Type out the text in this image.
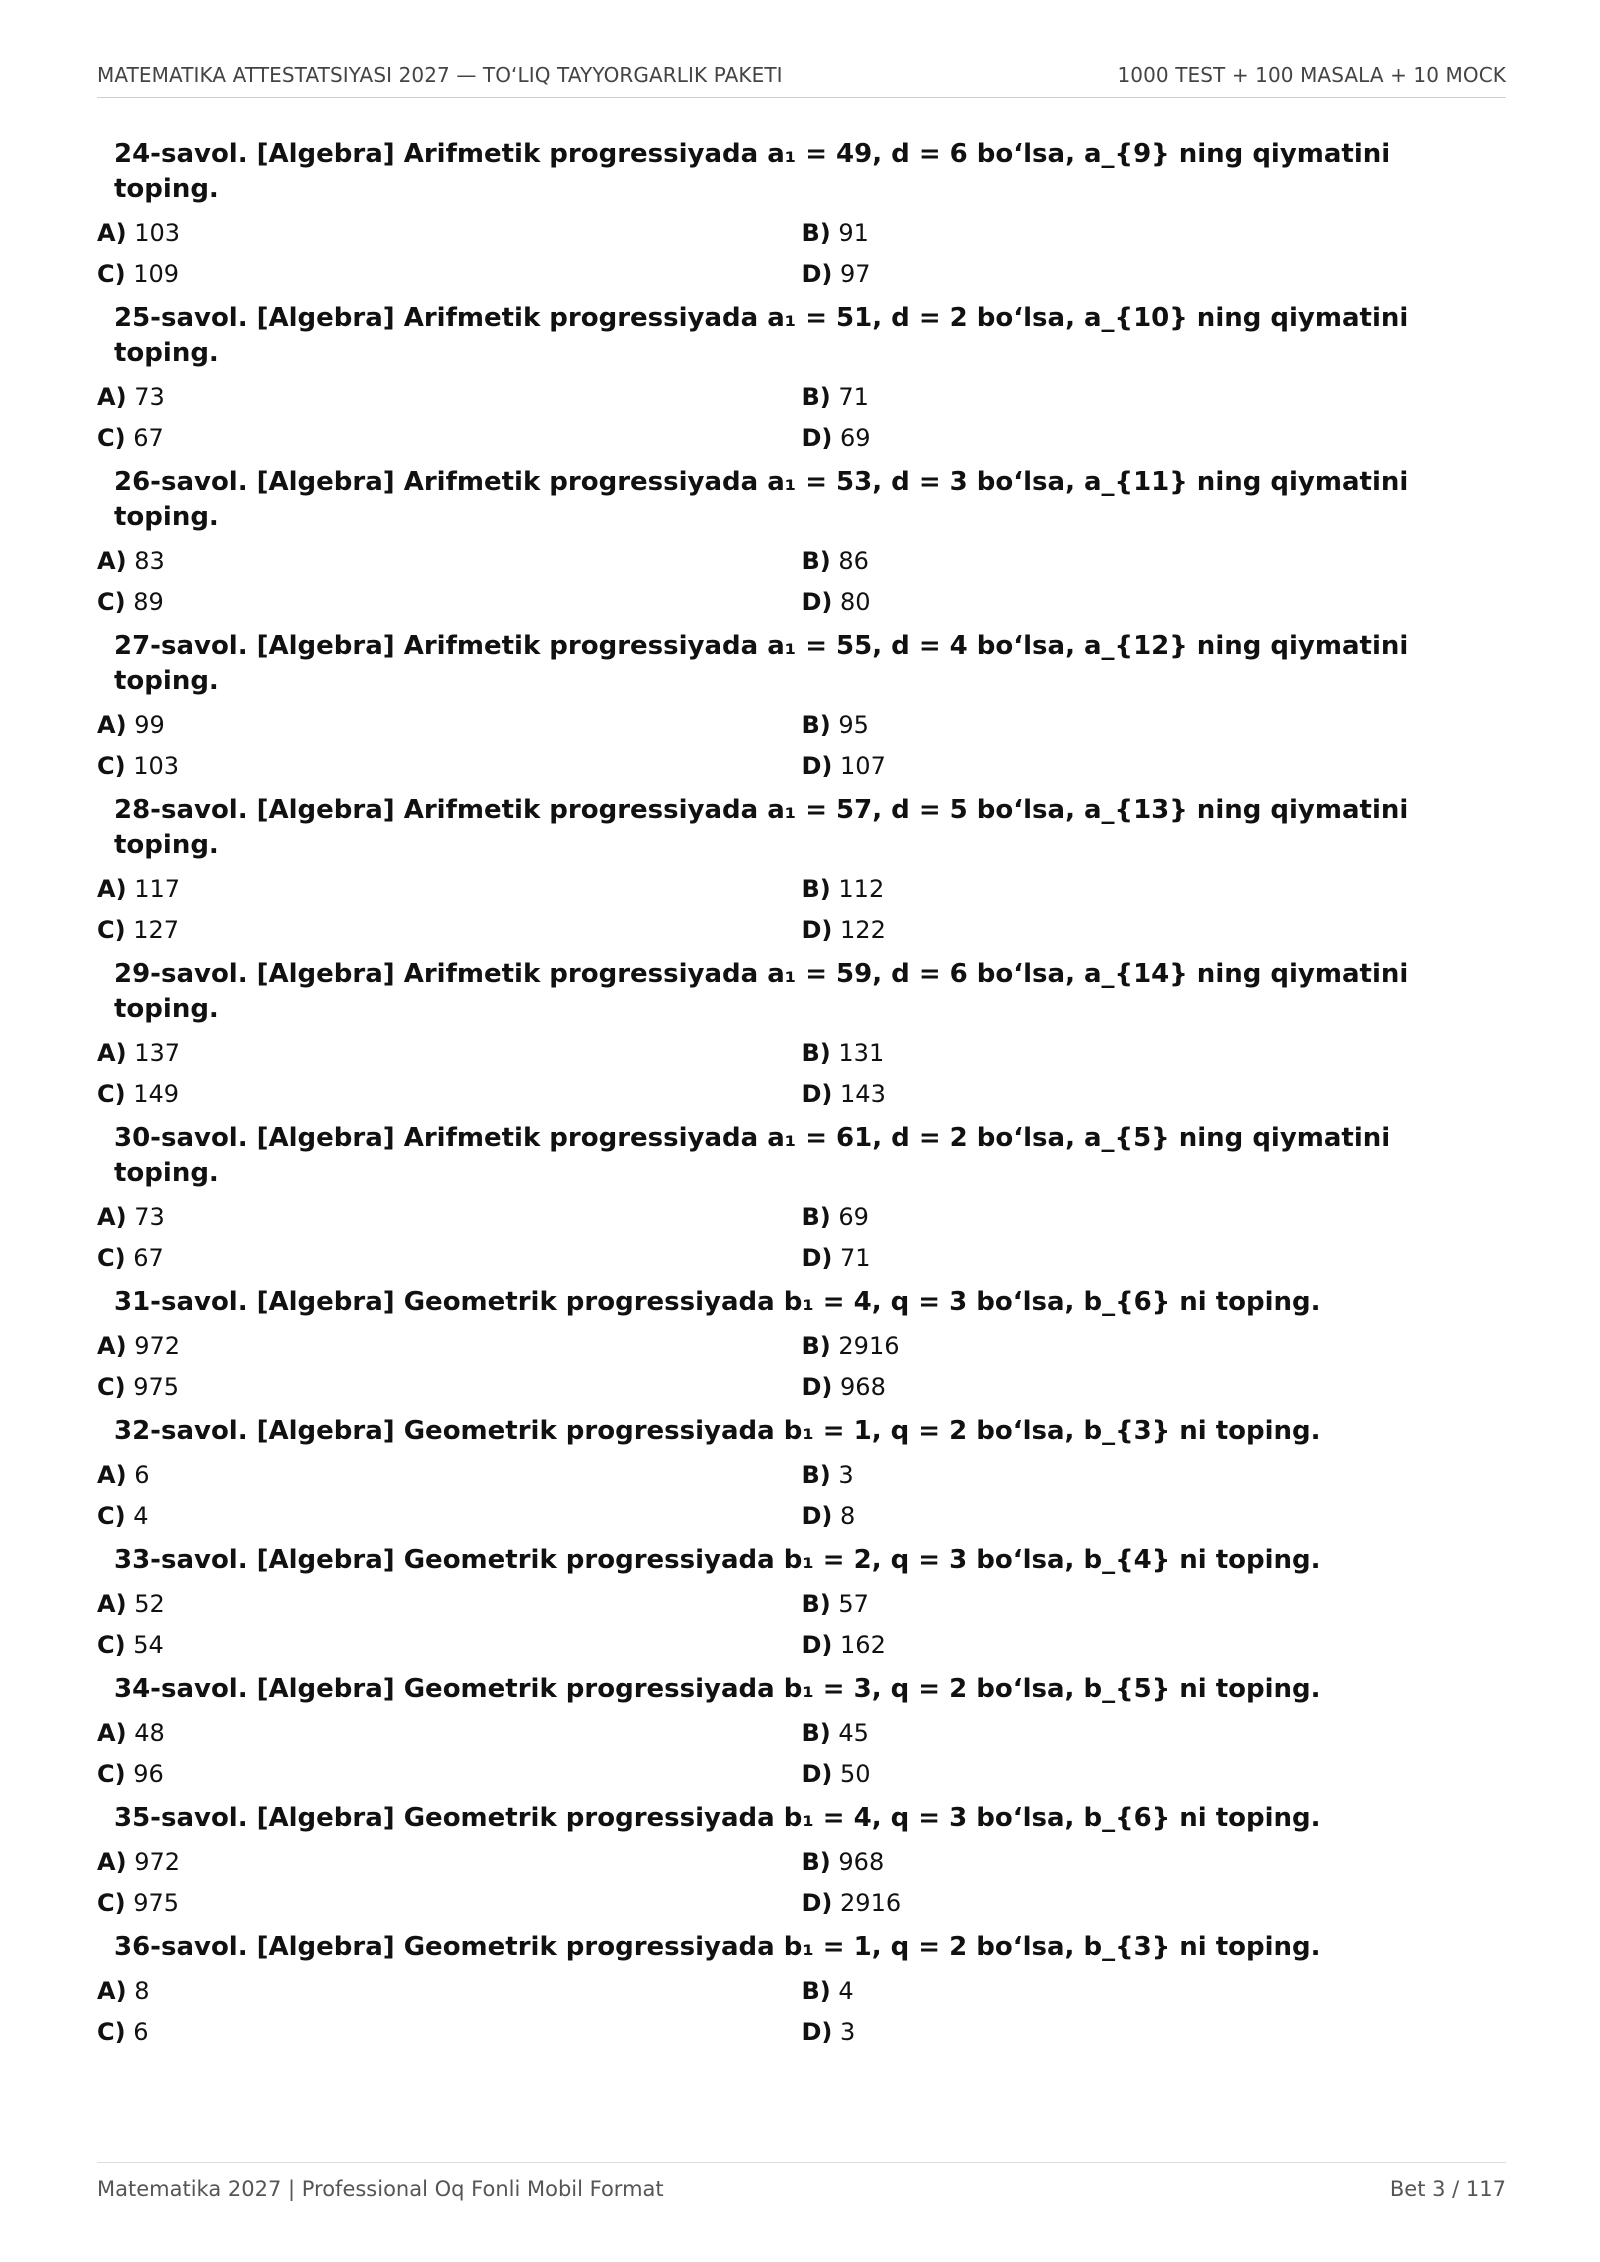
MATEMATIKA ATTESTATSIYASI 2027 — TO‘LIQ TAYYORGARLIK PAKETI	1000 TEST + 100 MASALA + 10 MOCK
24-savol. [Algebra] Arifmetik progressiyada a₁ = 49, d = 6 bo‘lsa, a_{9} ning qiymatini toping.
A) 103	B) 91
C) 109	D) 97
25-savol. [Algebra] Arifmetik progressiyada a₁ = 51, d = 2 bo‘lsa, a_{10} ning qiymatini toping.
A) 73	B) 71
C) 67	D) 69
26-savol. [Algebra] Arifmetik progressiyada a₁ = 53, d = 3 bo‘lsa, a_{11} ning qiymatini toping.
A) 83	B) 86
C) 89	D) 80
27-savol. [Algebra] Arifmetik progressiyada a₁ = 55, d = 4 bo‘lsa, a_{12} ning qiymatini toping.
A) 99	B) 95
C) 103	D) 107
28-savol. [Algebra] Arifmetik progressiyada a₁ = 57, d = 5 bo‘lsa, a_{13} ning qiymatini toping.
A) 117	B) 112
C) 127	D) 122
29-savol. [Algebra] Arifmetik progressiyada a₁ = 59, d = 6 bo‘lsa, a_{14} ning qiymatini toping.
A) 137	B) 131
C) 149	D) 143
30-savol. [Algebra] Arifmetik progressiyada a₁ = 61, d = 2 bo‘lsa, a_{5} ning qiymatini toping.
A) 73	B) 69
C) 67	D) 71
31-savol. [Algebra] Geometrik progressiyada b₁ = 4, q = 3 bo‘lsa, b_{6} ni toping.
A) 972	B) 2916
C) 975	D) 968
32-savol. [Algebra] Geometrik progressiyada b₁ = 1, q = 2 bo‘lsa, b_{3} ni toping.
A) 6	B) 3
C) 4	D) 8
33-savol. [Algebra] Geometrik progressiyada b₁ = 2, q = 3 bo‘lsa, b_{4} ni toping.
A) 52	B) 57
C) 54	D) 162
34-savol. [Algebra] Geometrik progressiyada b₁ = 3, q = 2 bo‘lsa, b_{5} ni toping.
A) 48	B) 45
C) 96	D) 50
35-savol. [Algebra] Geometrik progressiyada b₁ = 4, q = 3 bo‘lsa, b_{6} ni toping.
A) 972	B) 968
C) 975	D) 2916
36-savol. [Algebra] Geometrik progressiyada b₁ = 1, q = 2 bo‘lsa, b_{3} ni toping.
A) 8	B) 4
C) 6	D) 3
Matematika 2027 | Professional Oq Fonli Mobil Format	Bet 3 / 117
